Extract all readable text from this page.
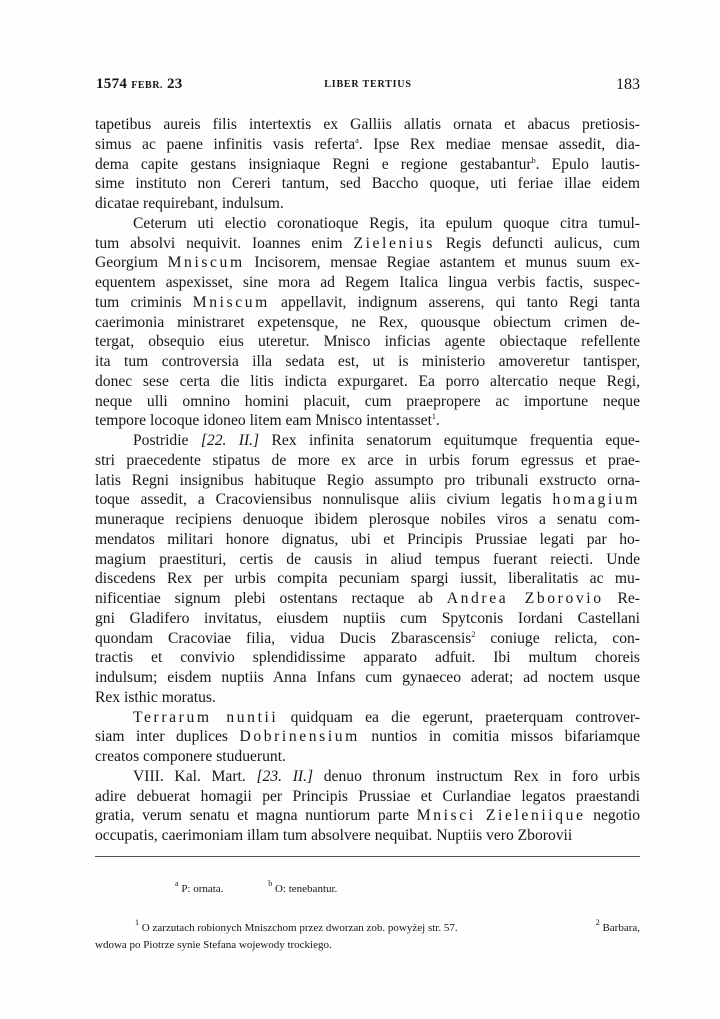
1574 FEBR. 23	LIBER TERTIUS	183
tapetibus aureis filis intertextis ex Galliis allatis ornata et abacus pretiosis-
simus ac paene infinitis vasis referta$^a$. Ipse Rex mediae mensae assedit, dia-
dema capite gestans insigniaque Regni e regione gestabantur$^b$. Epulo lautis-
sime instituto non Cereri tantum, sed Baccho quoque, uti feriae illae eidem
dicatae requirebant, indulsum.
Ceterum uti electio coronatioque Regis, ita epulum quoque citra tumul-
tum absolvi nequivit. Ioannes enim Zielenius Regis defuncti aulicus, cum
Georgium Mniscum Incisorem, mensae Regiae astantem et munus suum ex-
equentem aspexisset, sine mora ad Regem Italica lingua verbis factis, suspec-
tum criminis Mniscum appellavit, indignum asserens, qui tanto Regi tanta
caerimonia ministraret expetensque, ne Rex, quousque obiectum crimen de-
tergat, obsequio eius uteretur. Mnisco inficias agente obiectaque refellente
ita tum controversia illa sedata est, ut is ministerio amoveretur tantisper,
donec sese certa die litis indicta expurgaret. Ea porro altercatio neque Regi,
neque ulli omnino homini placuit, cum praepropere ac importune neque
tempore locoque idoneo litem eam Mnisco intentasset$^1$.
Postridie [22. II.] Rex infinita senatorum equitumque frequentia eque-
stri praecedente stipatus de more ex arce in urbis forum egressus et prae-
latis Regni insignibus habituque Regio assumpto pro tribunali exstructo orna-
toque assedit, a Cracoviensibus nonnulisque aliis civium legatis homagium
muneraque recipiens denuoque ibidem plerosque nobiles viros a senatu com-
mendatos militari honore dignatus, ubi et Principis Prussiae legati par ho-
magium praestituri, certis de causis in aliud tempus fuerant reiecti. Unde
discedens Rex per urbis compita pecuniam spargi iussit, liberalitatis ac mu-
nificentiae signum plebi ostentans rectaque ab Andrea Zborovio Re-
gni Gladifero invitatus, eiusdem nuptiis cum Spytconis Iordani Castellani
quondam Cracoviae filia, vidua Ducis Zbarascensis$^2$ coniuge relicta, con-
tractis et convivio splendidissime apparato adfuit. Ibi multum choreis
indulsum; eisdem nuptiis Anna Infans cum gynaeceo aderat; ad noctem usque
Rex isthic moratus.
Terrarum nuntii quidquam ea die egerunt, praeterquam controver-
siam inter duplices Dobrinensium nuntios in comitia missos bifariamque
creatos componere studuerunt.
VIII. Kal. Mart. [23. II.] denuo thronum instructum Rex in foro urbis
adire debuerat homagii per Principis Prussiae et Curlandiae legatos praestandi
gratia, verum senatu et magna nuntiorum parte Mnisci Zieleniique negotio
occupatis, caerimoniam illam tum absolvere nequibat. Nuptiis vero Zborovii
$^a$ P: ornata.	$^b$ O: tenebantur.
$^1$ O zarzutach robionych Mniszchom przez dworzan zob. powyżej str. 57.	$^2$ Barbara,
wdowa po Piotrze synie Stefana wojewody trockiego.
